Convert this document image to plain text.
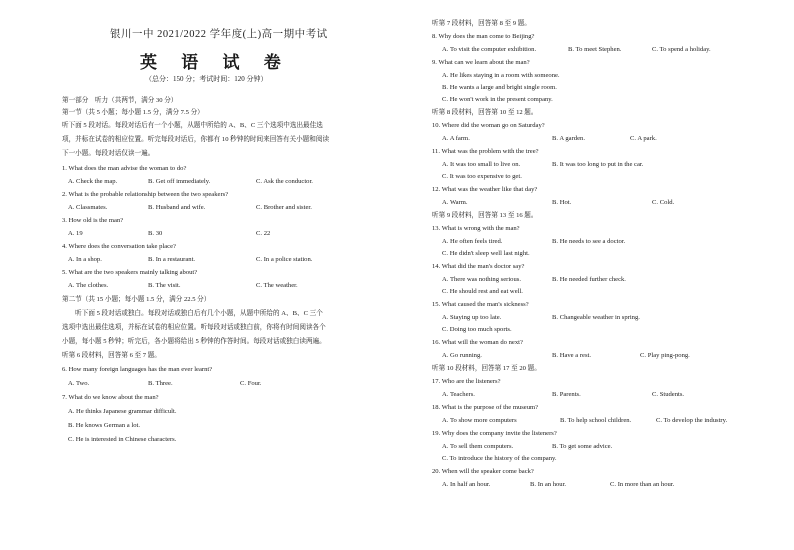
银川一中 2021/2022 学年度(上)高一期中考试
英 语 试 卷
（总分：150 分；考试时间：120 分钟）
第一部分　听力（共两节，满分 30 分）
第一节（共 5 小题；每小题 1.5 分，满分 7.5 分）
听下面 5 段对话。每段对话后有一个小题，从题中所给的 A、B、C 三个选项中选出最佳选
项，并标在试卷的相应位置。听完每段对话后，你都有 10 秒钟的时间来回答有关小题和阅读
下一小题。每段对话仅读一遍。
1. What does the man advise the woman to do?
A. Check the map.	B. Get off immediately.	C. Ask the conductor.
2. What is the probable relationship between the two speakers?
A. Classmates.	B. Husband and wife.	C. Brother and sister.
3. How old is the man?
A. 19	B. 30	C. 22
4. Where does the conversation take place?
A. In a shop.	B. In a restaurant.	C. In a police station.
5. What are the two speakers mainly talking about?
A. The clothes.	B. The visit.	C. The weather.
第二节（共 15 小题；每小题 1.5 分，满分 22.5 分）
　　听下面 5 段对话或独白。每段对话或独白后有几个小题，从题中所给的 A、B、C 三个
选项中选出最佳选项，并标在试卷的相应位置。听每段对话或独白前，你将有时间阅读各个
小题，每小题 5 秒钟；听完后，各小题将给出 5 秒钟的作答时间。每段对话或独白读两遍。
听第 6 段材料，回答第 6 至 7 题。
6. How many foreign languages has the man ever learnt?
A. Two.	B. Three.	C. Four.
7. What do we know about the man?
A. He thinks Japanese grammar difficult.
B. He knows German a lot.
C. He is interested in Chinese characters.
听第 7 段材料，回答第 8 至 9 题。
8. Why does the man come to Beijing?
A. To visit the computer exhibition.	B. To meet Stephen.	C. To spend a holiday.
9. What can we learn about the man?
A. He likes staying in a room with someone.
B. He wants a large and bright single room.
C. He won't work in the present company.
听第 8 段材料，回答第 10 至 12 题。
10. Where did the woman go on Saturday?
A. A farm.	B. A garden.	C. A park.
11. What was the problem with the tree?
A. It was too small to live on.	B. It was too long to put in the car.
C. It was too expensive to get.
12. What was the weather like that day?
A. Warm.	B. Hot.	C. Cold.
听第 9 段材料，回答第 13 至 16 题。
13. What is wrong with the man?
A. He often feels tired.	B. He needs to see a doctor.
C. He didn't sleep well last night.
14. What did the man's doctor say?
A. There was nothing serious.	B. He needed further check.
C. He should rest and eat well.
15. What caused the man's sickness?
A. Staying up too late.	B. Changeable weather in spring.
C. Doing too much sports.
16. What will the woman do next?
A. Go running.	B. Have a rest.	C. Play ping-pong.
听第 10 段材料，回答第 17 至 20 题。
17. Who are the listeners?
A. Teachers.	B. Parents.	C. Students.
18. What is the purpose of the museum?
A. To show more computers	B. To help school children.	C. To develop the industry.
19. Why does the company invite the listeners?
A. To sell them computers.	B. To get some advice.
C. To introduce the history of the company.
20. When will the speaker come back?
A. In half an hour.	B. In an hour.	C. In more than an hour.
